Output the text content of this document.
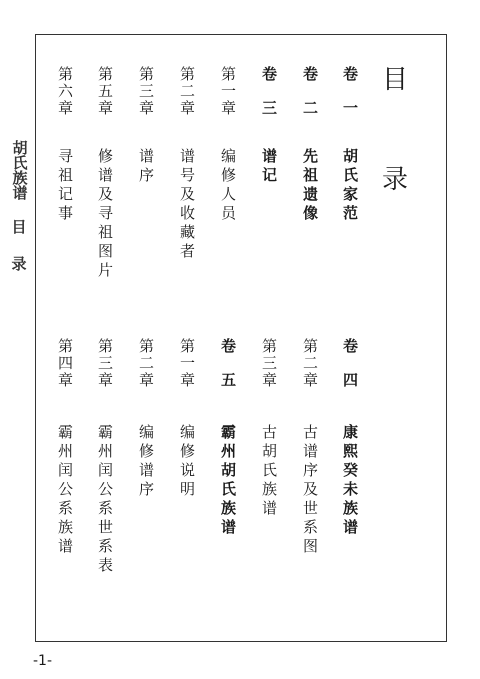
胡氏族谱
目
录
目
录
卷　一
胡氏家范
卷　二
先祖遗像
卷　三
谱记
第一章
编修人员
第二章
谱号及收藏者
第三章
谱序
第五章
修谱及寻祖图片
第六章
寻祖记事
卷　四
康熙癸未族谱
第二章
古谱序及世系图
第三章
古胡氏族谱
卷　五
霸州胡氏族谱
第一章
编修说明
第二章
编修谱序
第三章
霸州闰公系世系表
第四章
霸州闰公系族谱
-1-
